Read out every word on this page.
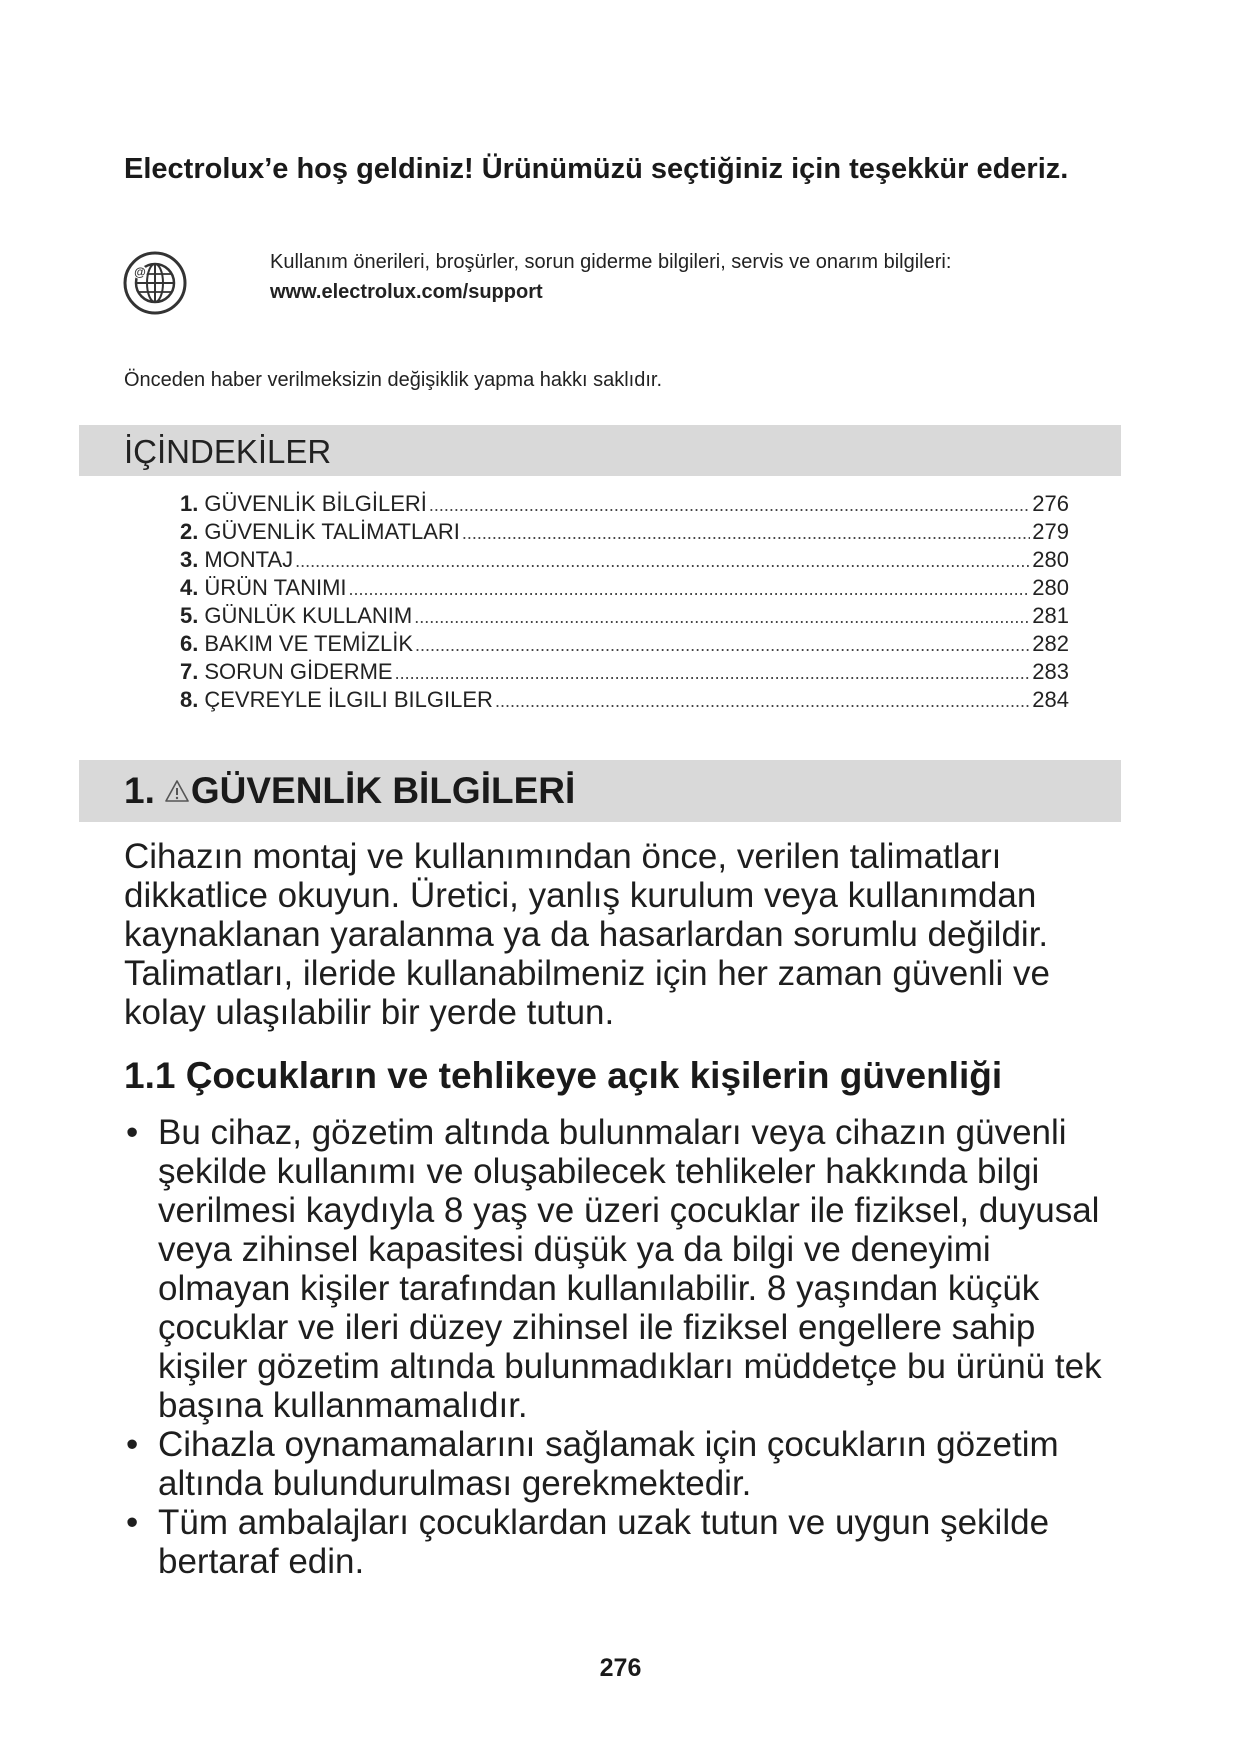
Electrolux’e hoş geldiniz! Ürünümüzü seçtiğiniz için teşekkür ederiz.
@	Kullanım önerileri, broşürler, sorun giderme bilgileri, servis ve onarım bilgileri:
www.electrolux.com/support
Önceden haber verilmeksizin değişiklik yapma hakkı saklıdır.
İÇİNDEKİLER
1. GÜVENLİK BİLGİLERİ .....	276
2. GÜVENLİK TALİMATLARI .....	279
3. MONTAJ .....	280
4. ÜRÜN TANIMI .....	280
5. GÜNLÜK KULLANIM .....	281
6. BAKIM VE TEMİZLİK .....	282
7. SORUN GİDERME .....	283
8. ÇEVREYLE İLGILI BILGILER .....	284
1. GÜVENLİK BİLGİLERİ

Cihazın montaj ve kullanımından önce, verilen talimatları dikkatlice okuyun. Üretici, yanlış kurulum veya kullanımdan kaynaklanan yaralanma ya da hasarlardan sorumlu değildir. Talimatları, ileride kullanabilmeniz için her zaman güvenli ve kolay ulaşılabilir bir yerde tutun.

1.1 Çocukların ve tehlikeye açık kişilerin güvenliği
• Bu cihaz, gözetim altında bulunmaları veya cihazın güvenli şekilde kullanımı ve oluşabilecek tehlikeler hakkında bilgi verilmesi kaydıyla 8 yaş ve üzeri çocuklar ile fiziksel, duyusal veya zihinsel kapasitesi düşük ya da bilgi ve deneyimi olmayan kişiler tarafından kullanılabilir. 8 yaşından küçük çocuklar ve ileri düzey zihinsel ile fiziksel engellere sahip kişiler gözetim altında bulunmadıkları müddetçe bu ürünü tek başına kullanmamalıdır.
• Cihazla oynamamalarını sağlamak için çocukların gözetim altında bulundurulması gerekmektedir.
• Tüm ambalajları çocuklardan uzak tutun ve uygun şekilde bertaraf edin.
276
